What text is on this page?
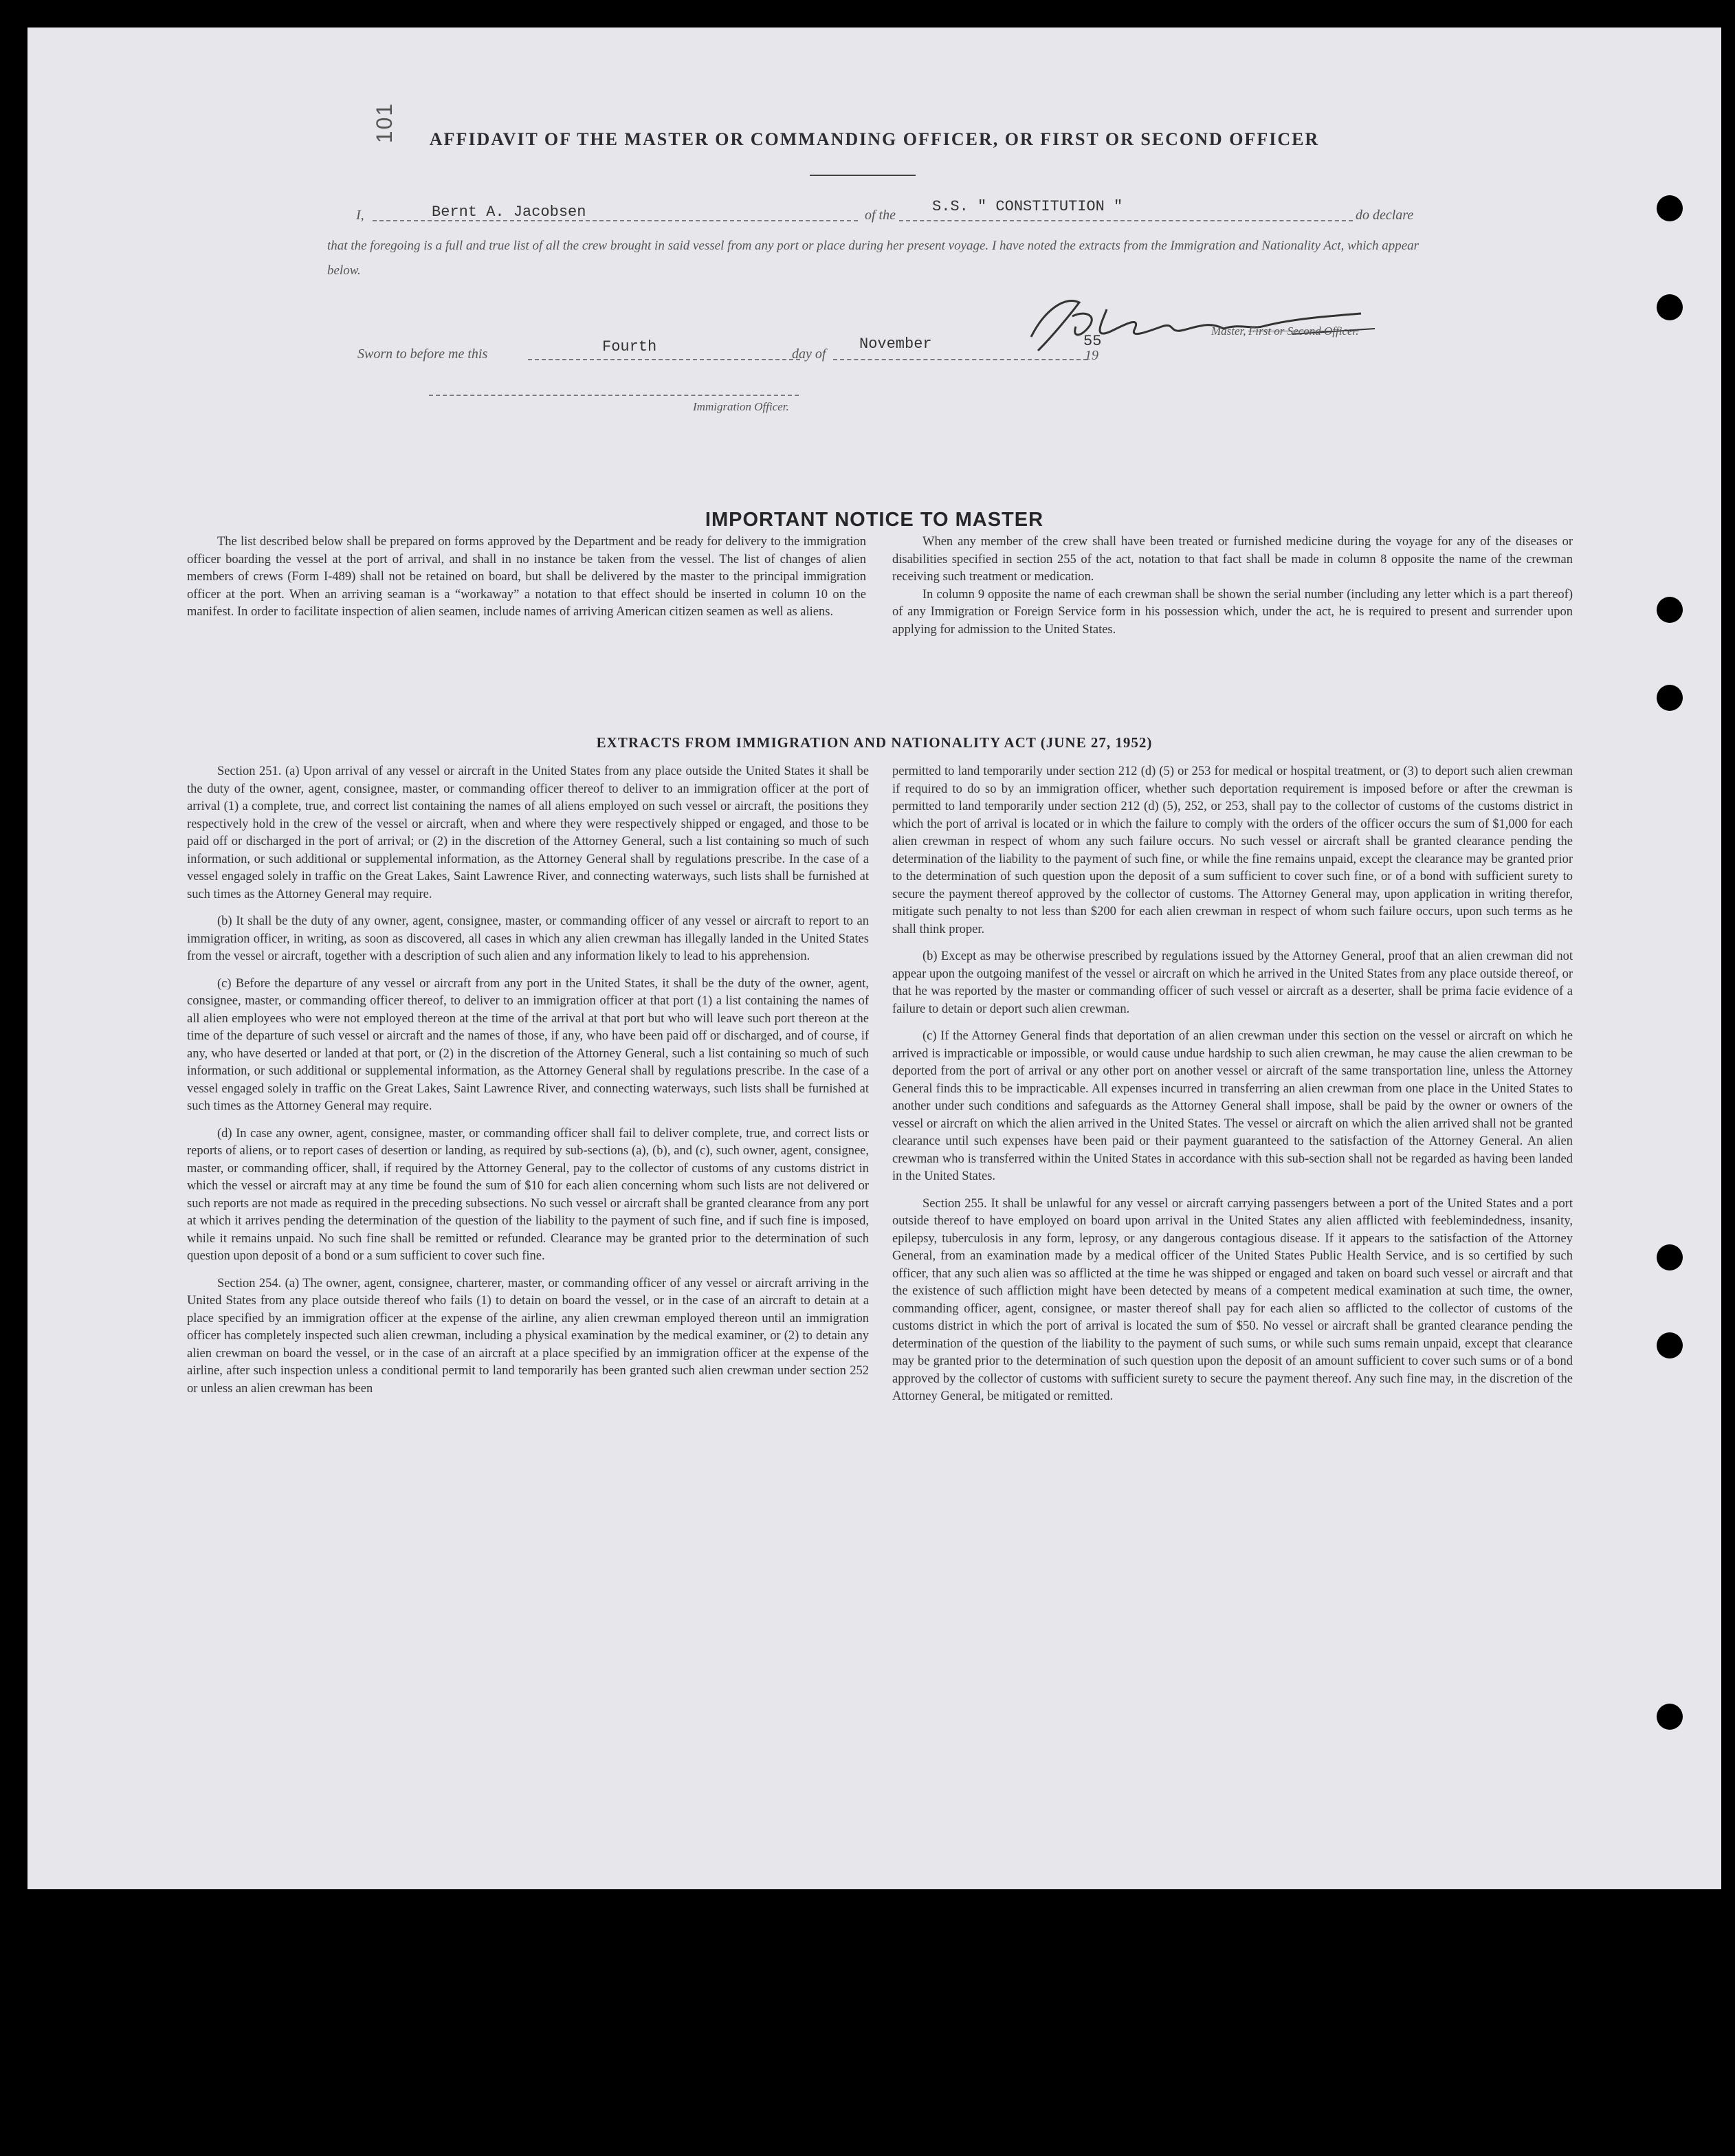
101	AFFIDAVIT OF THE MASTER OR COMMANDING OFFICER, OR FIRST OR SECOND OFFICER
I,	Bernt A. Jacobsen	of the S.S. " CONSTITUTION "	do declare
that the foregoing is a full and true list of all the crew brought in said vessel from any port or place during her present voyage. I have noted the extracts from the Immigration and Nationality Act, which appear below.
Master, First or Second Officer.
Sworn to before me this	Fourth	day of
November
19
55
Immigration Officer.
IMPORTANT NOTICE TO MASTER

The list described below shall be prepared on forms approved by the Department and be ready for delivery to the immigration officer boarding the vessel at the port of arrival, and shall in no instance be taken from the vessel. The list of changes of alien members of crews (Form I-489) shall not be retained on board, but shall be delivered by the master to the principal immigration officer at the port. When an arriving seaman is a “workaway” a notation to that effect should be inserted in column 10 on the manifest. In order to facilitate inspection of alien seamen, include names of arriving American citizen seamen as well as aliens.

When any member of the crew shall have been treated or furnished medicine during the voyage for any of the diseases or disabilities specified in section 255 of the act, notation to that fact shall be made in column 8 opposite the name of the crewman receiving such treatment or medication.

In column 9 opposite the name of each crewman shall be shown the serial number (including any letter which is a part thereof) of any Immigration or Foreign Service form in his possession which, under the act, he is required to present and surrender upon applying for admission to the United States.

EXTRACTS FROM IMMIGRATION AND NATIONALITY ACT (JUNE 27, 1952)

Section 251. (a) Upon arrival of any vessel or aircraft in the United States from any place outside the United States it shall be the duty of the owner, agent, consignee, master, or commanding officer thereof to deliver to an immigration officer at the port of arrival (1) a complete, true, and correct list containing the names of all aliens employed on such vessel or aircraft, the positions they respectively hold in the crew of the vessel or aircraft, when and where they were respectively shipped or engaged, and those to be paid off or discharged in the port of arrival; or (2) in the discretion of the Attorney General, such a list containing so much of such information, or such additional or supplemental information, as the Attorney General shall by regulations prescribe. In the case of a vessel engaged solely in traffic on the Great Lakes, Saint Lawrence River, and connecting waterways, such lists shall be furnished at such times as the Attorney General may require.

(b) It shall be the duty of any owner, agent, consignee, master, or commanding officer of any vessel or aircraft to report to an immigration officer, in writing, as soon as discovered, all cases in which any alien crewman has illegally landed in the United States from the vessel or aircraft, together with a description of such alien and any information likely to lead to his apprehension.

(c) Before the departure of any vessel or aircraft from any port in the United States, it shall be the duty of the owner, agent, consignee, master, or commanding officer thereof, to deliver to an immigration officer at that port (1) a list containing the names of all alien employees who were not employed thereon at the time of the arrival at that port but who will leave such port thereon at the time of the departure of such vessel or aircraft and the names of those, if any, who have been paid off or discharged, and of course, if any, who have deserted or landed at that port, or (2) in the discretion of the Attorney General, such a list containing so much of such information, or such additional or supplemental information, as the Attorney General shall by regulations prescribe. In the case of a vessel engaged solely in traffic on the Great Lakes, Saint Lawrence River, and connecting waterways, such lists shall be furnished at such times as the Attorney General may require.

(d) In case any owner, agent, consignee, master, or commanding officer shall fail to deliver complete, true, and correct lists or reports of aliens, or to report cases of desertion or landing, as required by sub-sections (a), (b), and (c), such owner, agent, consignee, master, or commanding officer, shall, if required by the Attorney General, pay to the collector of customs of any customs district in which the vessel or aircraft may at any time be found the sum of $10 for each alien concerning whom such lists are not delivered or such reports are not made as required in the preceding subsections. No such vessel or aircraft shall be granted clearance from any port at which it arrives pending the determination of the question of the liability to the payment of such fine, and if such fine is imposed, while it remains unpaid. No such fine shall be remitted or refunded. Clearance may be granted prior to the determination of such question upon deposit of a bond or a sum sufficient to cover such fine.

Section 254. (a) The owner, agent, consignee, charterer, master, or commanding officer of any vessel or aircraft arriving in the United States from any place outside thereof who fails (1) to detain on board the vessel, or in the case of an aircraft to detain at a place specified by an immigration officer at the expense of the airline, any alien crewman employed thereon until an immigration officer has completely inspected such alien crewman, including a physical examination by the medical examiner, or (2) to detain any alien crewman on board the vessel, or in the case of an aircraft at a place specified by an immigration officer at the expense of the airline, after such inspection unless a conditional permit to land temporarily has been granted such alien crewman under section 252 or unless an alien crewman has been

permitted to land temporarily under section 212 (d) (5) or 253 for medical or hospital treatment, or (3) to deport such alien crewman if required to do so by an immigration officer, whether such deportation requirement is imposed before or after the crewman is permitted to land temporarily under section 212 (d) (5), 252, or 253, shall pay to the collector of customs of the customs district in which the port of arrival is located or in which the failure to comply with the orders of the officer occurs the sum of $1,000 for each alien crewman in respect of whom any such failure occurs. No such vessel or aircraft shall be granted clearance pending the determination of the liability to the payment of such fine, or while the fine remains unpaid, except the clearance may be granted prior to the determination of such question upon the deposit of a sum sufficient to cover such fine, or of a bond with sufficient surety to secure the payment thereof approved by the collector of customs. The Attorney General may, upon application in writing therefor, mitigate such penalty to not less than $200 for each alien crewman in respect of whom such failure occurs, upon such terms as he shall think proper.

(b) Except as may be otherwise prescribed by regulations issued by the Attorney General, proof that an alien crewman did not appear upon the outgoing manifest of the vessel or aircraft on which he arrived in the United States from any place outside thereof, or that he was reported by the master or commanding officer of such vessel or aircraft as a deserter, shall be prima facie evidence of a failure to detain or deport such alien crewman.

(c) If the Attorney General finds that deportation of an alien crewman under this section on the vessel or aircraft on which he arrived is impracticable or impossible, or would cause undue hardship to such alien crewman, he may cause the alien crewman to be deported from the port of arrival or any other port on another vessel or aircraft of the same transportation line, unless the Attorney General finds this to be impracticable. All expenses incurred in transferring an alien crewman from one place in the United States to another under such conditions and safeguards as the Attorney General shall impose, shall be paid by the owner or owners of the vessel or aircraft on which the alien arrived in the United States. The vessel or aircraft on which the alien arrived shall not be granted clearance until such expenses have been paid or their payment guaranteed to the satisfaction of the Attorney General. An alien crewman who is transferred within the United States in accordance with this sub-section shall not be regarded as having been landed in the United States.

Section 255. It shall be unlawful for any vessel or aircraft carrying passengers between a port of the United States and a port outside thereof to have employed on board upon arrival in the United States any alien afflicted with feeblemindedness, insanity, epilepsy, tuberculosis in any form, leprosy, or any dangerous contagious disease. If it appears to the satisfaction of the Attorney General, from an examination made by a medical officer of the United States Public Health Service, and is so certified by such officer, that any such alien was so afflicted at the time he was shipped or engaged and taken on board such vessel or aircraft and that the existence of such affliction might have been detected by means of a competent medical examination at such time, the owner, commanding officer, agent, consignee, or master thereof shall pay for each alien so afflicted to the collector of customs of the customs district in which the port of arrival is located the sum of $50. No vessel or aircraft shall be granted clearance pending the determination of the question of the liability to the payment of such sums, or while such sums remain unpaid, except that clearance may be granted prior to the determination of such question upon the deposit of an amount sufficient to cover such sums or of a bond approved by the collector of customs with sufficient surety to secure the payment thereof. Any such fine may, in the discretion of the Attorney General, be mitigated or remitted.
